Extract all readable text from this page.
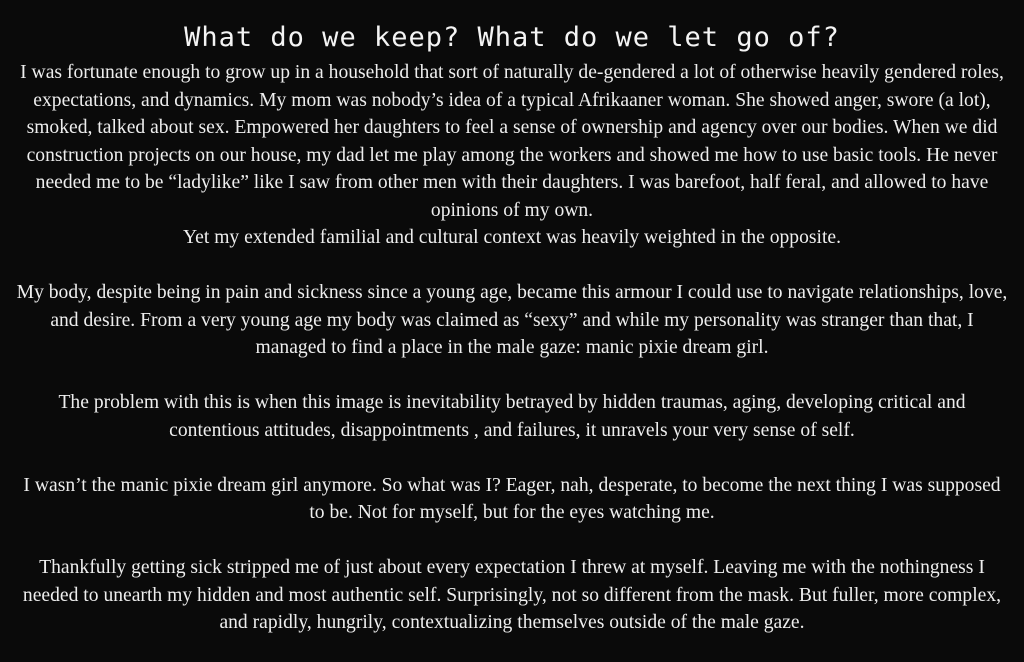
What do we keep? What do we let go of?

I was fortunate enough to grow up in a household that sort of naturally de-gendered a lot of otherwise heavily gendered roles, expectations, and dynamics. My mom was nobody’s idea of a typical Afrikaaner woman. She showed anger, swore (a lot), smoked, talked about sex. Empowered her daughters to feel a sense of ownership and agency over our bodies. When we did construction projects on our house, my dad let me play among the workers and showed me how to use basic tools. He never needed me to be “ladylike” like I saw from other men with their daughters. I was barefoot, half feral, and allowed to have opinions of my own.

Yet my extended familial and cultural context was heavily weighted in the opposite.

My body, despite being in pain and sickness since a young age, became this armour I could use to navigate relationships, love, and desire. From a very young age my body was claimed as “sexy” and while my personality was stranger than that, I managed to find a place in the male gaze: manic pixie dream girl.

The problem with this is when this image is inevitability betrayed by hidden traumas, aging, developing critical and contentious attitudes, disappointments , and failures, it unravels your very sense of self.

I wasn’t the manic pixie dream girl anymore. So what was I? Eager, nah, desperate, to become the next thing I was supposed to be. Not for myself, but for the eyes watching me.

Thankfully getting sick stripped me of just about every expectation I threw at myself. Leaving me with the nothingness I needed to unearth my hidden and most authentic self. Surprisingly, not so different from the mask. But fuller, more complex, and rapidly, hungrily, contextualizing themselves outside of the male gaze.
